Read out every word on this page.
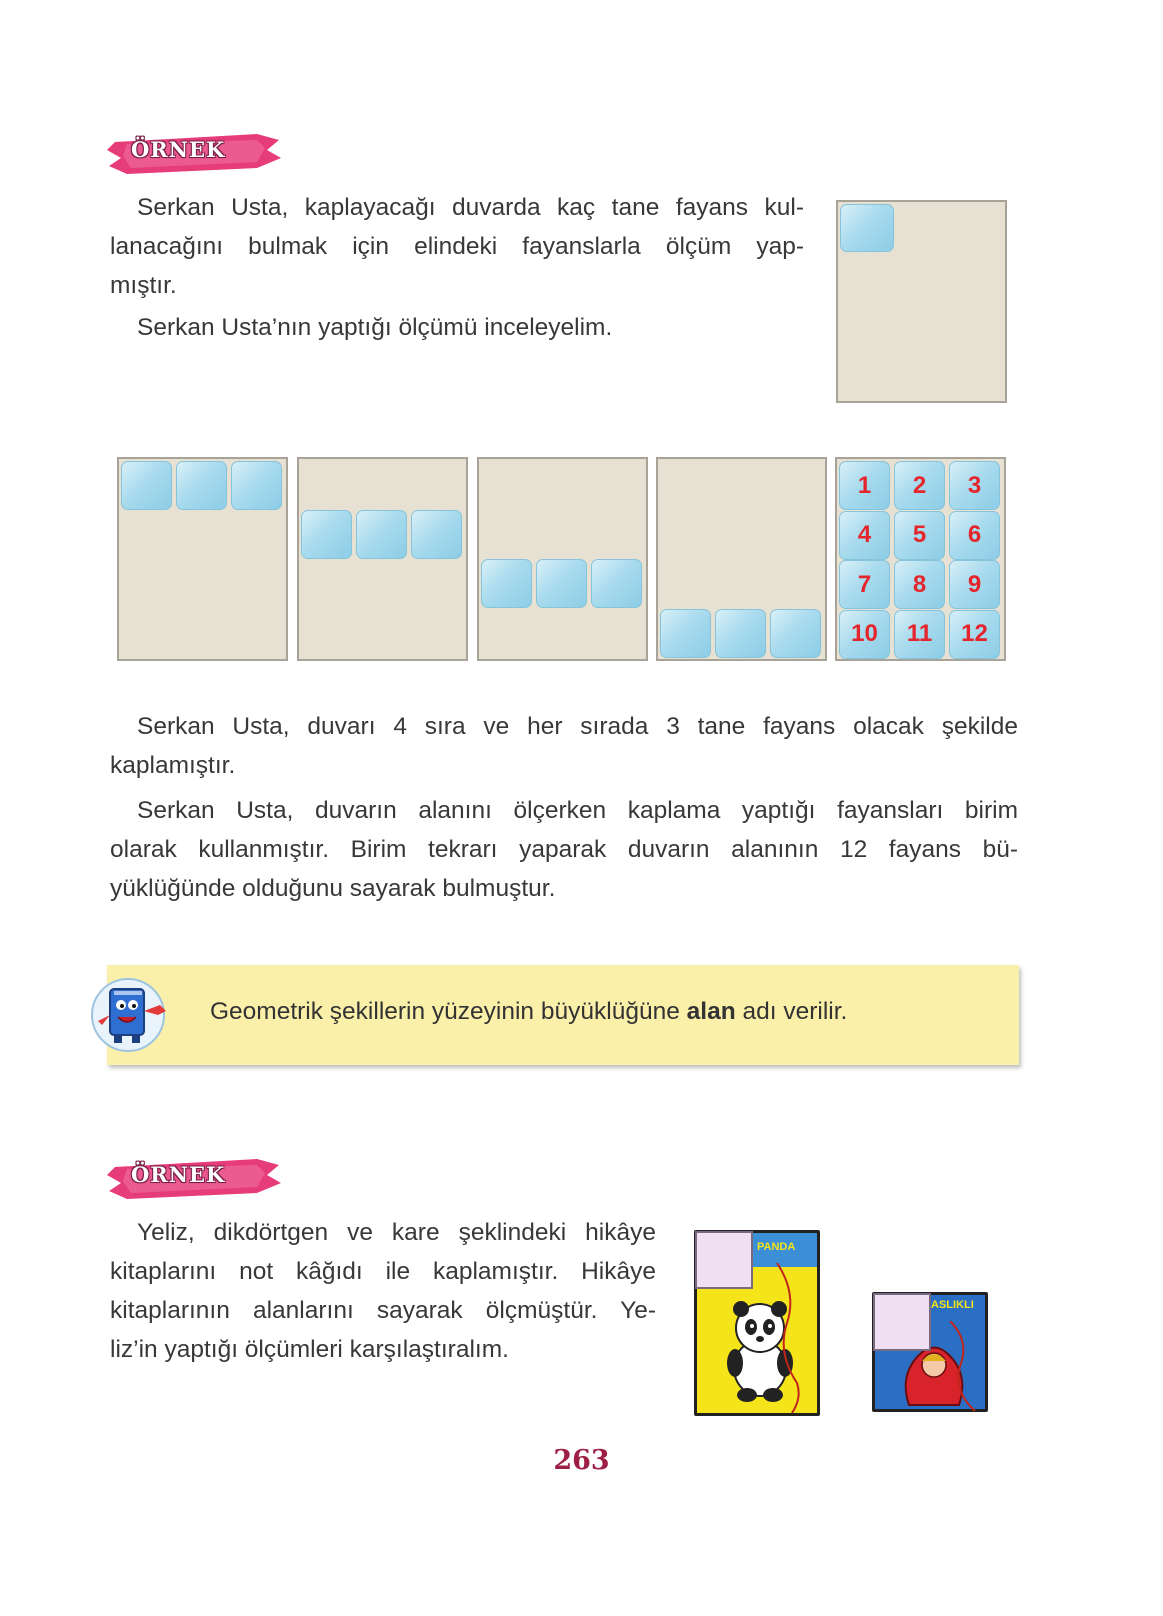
ÖRNEK
Serkan Usta, kaplayacağı duvarda kaç tane fayans kul-
lanacağını bulmak için elindeki fayanslarla ölçüm yap-
mıştır.
Serkan Usta’nın yaptığı ölçümü inceleyelim.
1	2	3
4	5	6
7	8	9
10	11	12
Serkan Usta, duvarı 4 sıra ve her sırada 3 tane fayans olacak şekilde
kaplamıştır.
Serkan Usta, duvarın alanını ölçerken kaplama yaptığı fayansları birim
olarak kullanmıştır. Birim tekrarı yaparak duvarın alanının 12 fayans bü-
yüklüğünde olduğunu sayarak bulmuştur.
Geometrik şekillerin yüzeyinin büyüklüğüne alan adı verilir.
ÖRNEK
Yeliz, dikdörtgen ve kare şeklindeki hikâye
kitaplarını not kâğıdı ile kaplamıştır. Hikâye
kitaplarının alanlarını sayarak ölçmüştür. Ye-
liz’in yaptığı ölçümleri karşılaştıralım.
PANDA
ASLIKLI
263
